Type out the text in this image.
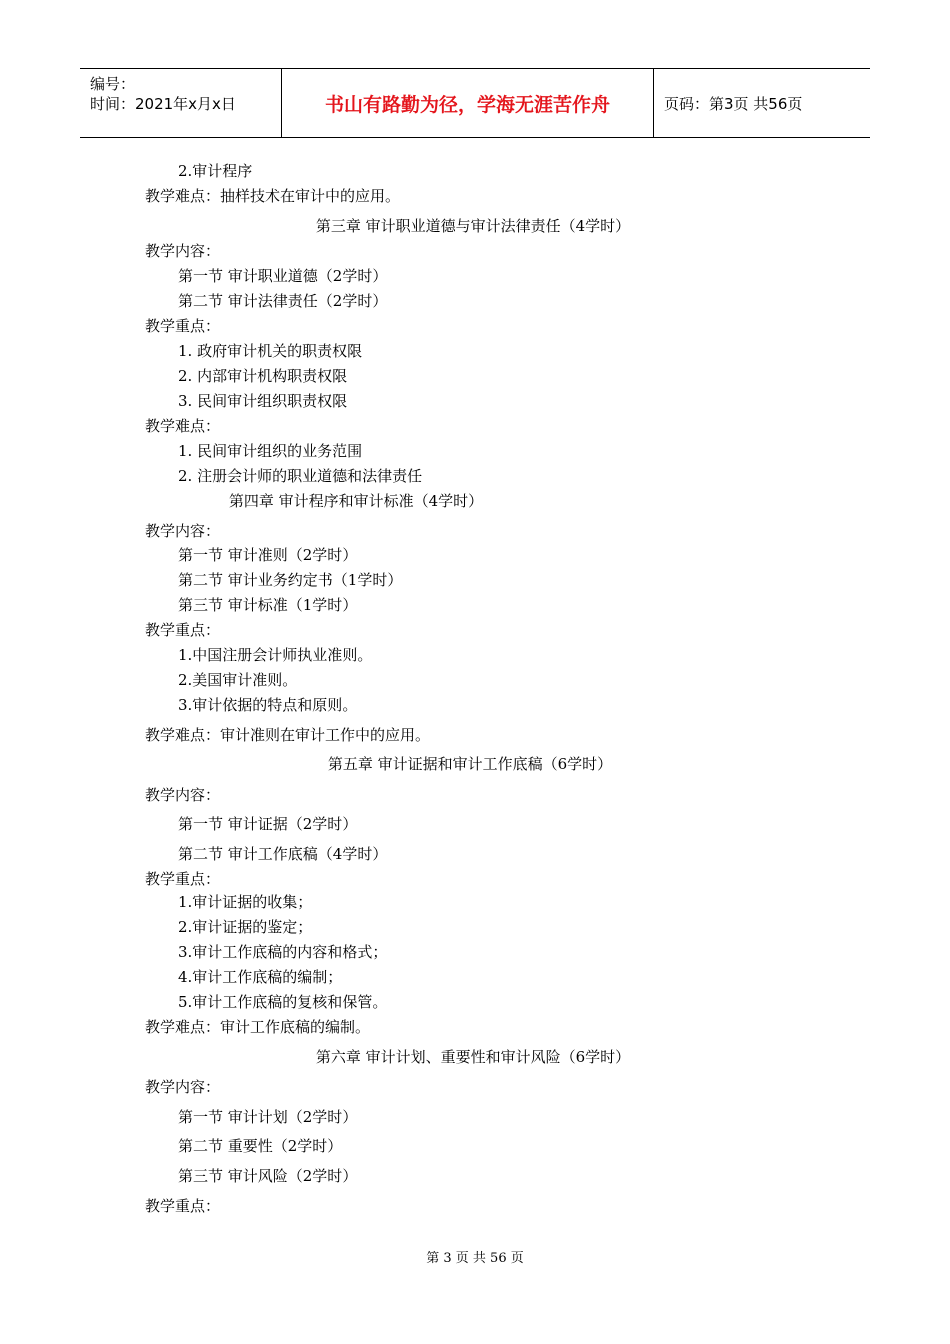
编号：
时间：2021年x月x日	书山有路勤为径，学海无涯苦作舟	页码：第3页 共56页
2.审计程序
教学难点：抽样技术在审计中的应用。
第三章 审计职业道德与审计法律责任（4学时）
教学内容：
第一节 审计职业道德（2学时）
第二节 审计法律责任（2学时）
教学重点：
1. 政府审计机关的职责权限
2. 内部审计机构职责权限
3. 民间审计组织职责权限
教学难点：
1. 民间审计组织的业务范围
2. 注册会计师的职业道德和法律责任
第四章 审计程序和审计标准（4学时）
教学内容：
第一节 审计准则（2学时）
第二节 审计业务约定书（1学时）
第三节 审计标准（1学时）
教学重点：
1.中国注册会计师执业准则。
2.美国审计准则。
3.审计依据的特点和原则。
教学难点：审计准则在审计工作中的应用。
第五章 审计证据和审计工作底稿（6学时）
教学内容：
第一节 审计证据（2学时）
第二节 审计工作底稿（4学时）
教学重点：
1.审计证据的收集；
2.审计证据的鉴定；
3.审计工作底稿的内容和格式；
4.审计工作底稿的编制；
5.审计工作底稿的复核和保管。
教学难点：审计工作底稿的编制。
第六章 审计计划、重要性和审计风险（6学时）
教学内容：
第一节 审计计划（2学时）
第二节 重要性（2学时）
第三节 审计风险（2学时）
教学重点：
第 3 页 共 56 页
